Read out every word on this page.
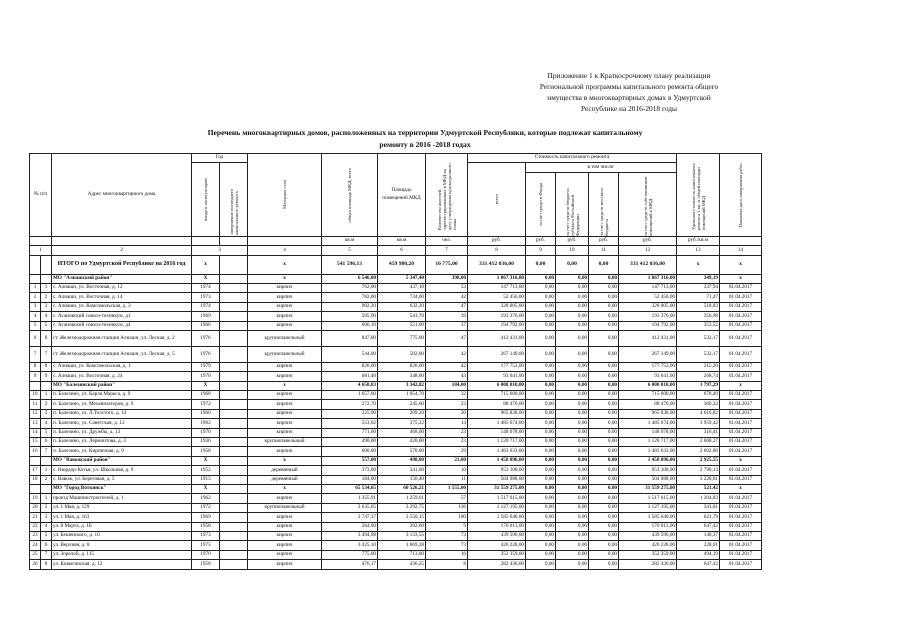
Приложение 1 к Краткосрочному плану реализации
Региональной программы капитального ремонта общего
имущества в многоквартирных домах в Удмуртской
Республике на 2016-2018 годы
Перечень многоквартирных домов, расположенных на территории Удмуртской Республики, которые подлежат капитальному
ремонту в 2016 -2018 годах
№ п/п		Адрес многоквартирного дома	Год		Материал стен	общая площадь МКД, всего	Площадь помещений МКД	Количество жителей, зарегистрированных в МКД на дату утверждения краткосрочного плана	Стоимость капитального ремонта					Удельная стоимость капитального ремонта 1 кв. м общей площади помещений МКД	Плановая дата завершения работ

			ввода в эксплуатацию	завершение последнего капитального ремонта					всего	в том числе:					

										за счет средств Фонда	за счет средств бюджета субъекта Российской Федерации	за счет средств местного бюджета	за счет средств собственников помещений в МКД		

						кв.м	кв.м	чел.	руб.	руб.	руб.	руб.	руб.	руб./кв.м	
1		2	3		4	5	6	7	8	9	10	11	12	13	14
		ИТОГО по Удмуртской Республике на 2016 год	х		х	541 596,13	459 980,20	16 775,00	331 412 036,00	0,00	0,00	0,00	331 412 036,00	х	х
		МО "Алнашский район"	Х		х	6 546,00	5 347,40	398,00	1 867 316,00	0,00	0,00	0,00	1 867 316,00	349,19	х
1	1	с. Алнаши, ул. Восточная, д. 12	1974		кирпич	762,00	437,10	53	147 713,00	0,00	0,00	0,00	147 713,00	337,94	01.04.2017
2	2	с. Алнаши, ул. Восточная, д. 14	1973		кирпич	782,00	734,00	42	52 456,00	0,00	0,00	0,00	52 456,00	71,47	01.04.2017
3	3	с. Алнаши, ул. Комсомольская, д. 3	1974		кирпич	902,20	632,20	47	328 005,00	0,00	0,00	0,00	328 005,00	518,83	01.04.2017
4	4	с. Асановский совхоз-техникум, д1	1969		кирпич	595,90	541,70	39	193 376,00	0,00	0,00	0,00	193 376,00	356,98	01.04.2017
5	5	с. Асановский совхоз-техникум, д4	1966		кирпич	606,10	551,00	37	194 792,00	0,00	0,00	0,00	194 792,00	353,52	01.04.2017
6	6	ст. Железнодорожная станция Алнаши, ул. Лесная, д. 2	1976		крупнопанельный	847,00	775,00	47	412 431,00	0,00	0,00	0,00	412 431,00	532,17	01.04.2017
7	7	ст. Железнодорожная станция Алнаши, ул. Лесная, д. 5	1976		крупнопанельный	544,00	502,00	42	267 149,00	0,00	0,00	0,00	267 149,00	532,17	01.04.2017
8	8	с. Алнаши, ул. Комсомольская, д. 1	1979		кирпич	826,00	826,00	42	177 753,00	0,00	0,00	0,00	177 753,00	215,20	01.04.2017
9	9	с. Алнаши, ул. Восточная, д. 24	1970		кирпич	681,40	348,60	43	93 641,00	0,00	0,00	0,00	93 641,00	268,74	01.04.2017
		МО "Балезинский район"	Х		х	4 650,83	3 342,82	184,00	6 008 010,00	0,00	0,00	0,00	6 008 010,00	1 797,29	х
10	1	п. Балезино, ул. Карла Маркса, д. 9	1968		кирпич	1 657,60	1 054,70	32	715 600,00	0,00	0,00	0,00	715 600,00	678,49	01.04.2017
11	2	п. Балезино, ул. Механизаторов, д. 9	1972		кирпич	272,70	245,60	23	88 470,00	0,00	0,00	0,00	88 470,00	360,22	01.04.2017
12	3	п. Балезино, ул. Л.Толстого, д. 14	1960		кирпич	225,90	209,20	20	965 838,00	0,00	0,00	0,00	965 838,00	4 616,82	01.04.2017
13	4	п. Балезино, ул. Советская, д. 12	1962		кирпич	553,02	375,22	14	1 485 674,00	0,00	0,00	0,00	1 485 674,00	3 959,42	01.04.2017
14	5	п. Балезино, ул. Дружбы, д. 13	1970		кирпич	771,60	468,00	23	148 078,00	0,00	0,00	0,00	148 078,00	316,41	01.04.2017
15	6	п. Балезино, ул. Лермонтова, д. 3	1936		крупнопанельный	490,00	420,00	23	1 120 717,00	0,00	0,00	0,00	1 120 717,00	2 668,37	01.04.2017
16	7	п. Балезино, ул. Кирпичная, д. 9	1958		кирпич	600,00	570,00	29	1 483 633,00	0,00	0,00	0,00	1 483 633,00	2 602,86	01.04.2017
		МО "Вавожский район"	Х		х	557,00	498,00	21,00	1 458 096,00	0,00	0,00	0,00	1 458 096,00	2 925,55	х
17	1	с. Нюрдор-Котья, ул. Школьная, д. 9	1952		деревянный	373,00	341,60	10	953 108,00	0,00	0,00	0,00	953 108,00	2 790,13	01.04.2017
18	2	с. Вавож, ул. Береговая, д. 5	1915		деревянный	184,00	156,40	11	504 988,00	0,00	0,00	0,00	504 988,00	3 228,81	01.04.2017
		МО "Город Воткинск"	Х		х	65 534,65	60 526,21	1 555,00	31 559 275,00	0,00	0,00	0,00	31 559 275,00	521,42	х
19	1	проезд Машиностроителей, д. 1	1962		кирпич	1 355,91	1 259,61	57	1 517 615,00	0,00	0,00	0,00	1 517 615,00	1 204,83	01.04.2017
20	2	ул. 1 Мая, д. 129	1972		крупнопанельный	3 635,65	3 292,75	136	1 127 195,00	0,00	0,00	0,00	1 127 195,00	341,81	01.04.2017
21	3	ул. 1 Мая, д. 163	1969		кирпич	2 747,37	2 550,15	100	1 585 640,00	0,00	0,00	0,00	1 585 640,00	621,79	01.04.2017
22	4	ул. 8 Марта, д. 1Б	1958		кирпич	284,00	262,60	9	170 013,00	0,00	0,00	0,00	170 013,00	647,42	01.04.2017
23	5	ул. Бешенского, д. 10	1973		кирпич	3 494,98	3 133,55	73	439 596,00	0,00	0,00	0,00	439 596,00	140,37	01.04.2017
24	6	ул. Верхняя, д. 8	1975		кирпич	3 425,10	1 869,28	73	426 228,00	0,00	0,00	0,00	426 228,00	228,01	01.04.2017
25	7	ул. Зорелой, д. 115	1970		кирпич	775,00	713,00	16	352 359,00	0,00	0,00	0,00	352 359,00	494,19	01.04.2017
26	8	ул. Ковыгинская, д. 12	1958		кирпич	476,17	436,25	8	282 436,00	0,00	0,00	0,00	282 436,00	647,42	01.04.2017
